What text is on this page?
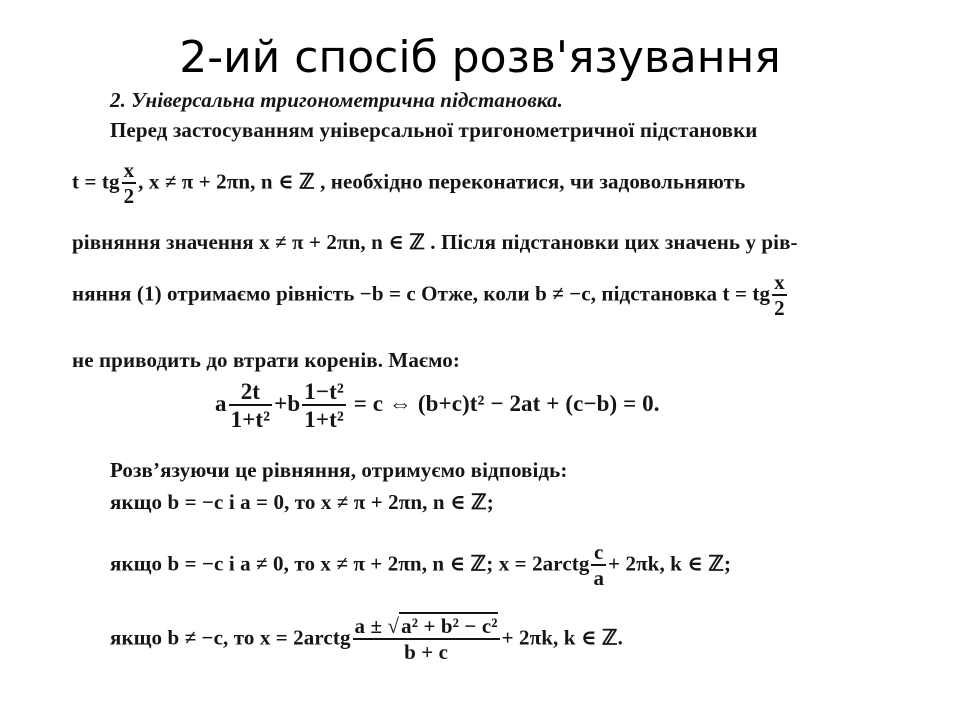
2-ий спосіб розв'язування
2. Універсальна тригонометрична підстановка.
Перед застосуванням універсальної тригонометричної підстановки
t = tg $\frac{x}{2}$ , x ≠ π + 2πn, n ∈ ℤ , необхідно переконатися, чи задовольняють
рівняння значення x ≠ π + 2πn, n ∈ ℤ . Після підстановки цих значень у рів-
няння (1) отримаємо рівність −b = c Отже, коли b ≠ −c, підстановка t = tg $\frac{x}{2}$
не приводить до втрати коренів. Маємо:
a $\frac{2t}{\text{1+t²}} +b \frac{\text{1−t²}}{\text{1+t²}} = c$ ⇔ (b+c)t² − 2at + (c−b) = 0.
Розв’язуючи це рівняння, отримуємо відповідь:
якщо b = −c і a = 0, то x ≠ π + 2πn, n ∈ ℤ;
якщо b = −c і a ≠ 0, то x ≠ π + 2πn, n ∈ ℤ; x = 2arctg $\frac{c}{a} + 2\pi k$, k ∈ ℤ;
якщо b ≠ −c, то x = 2arctg $\frac{\text{a ± √a² + b² − c²}}{b + c} + 2\pi k$, k ∈ ℤ.
